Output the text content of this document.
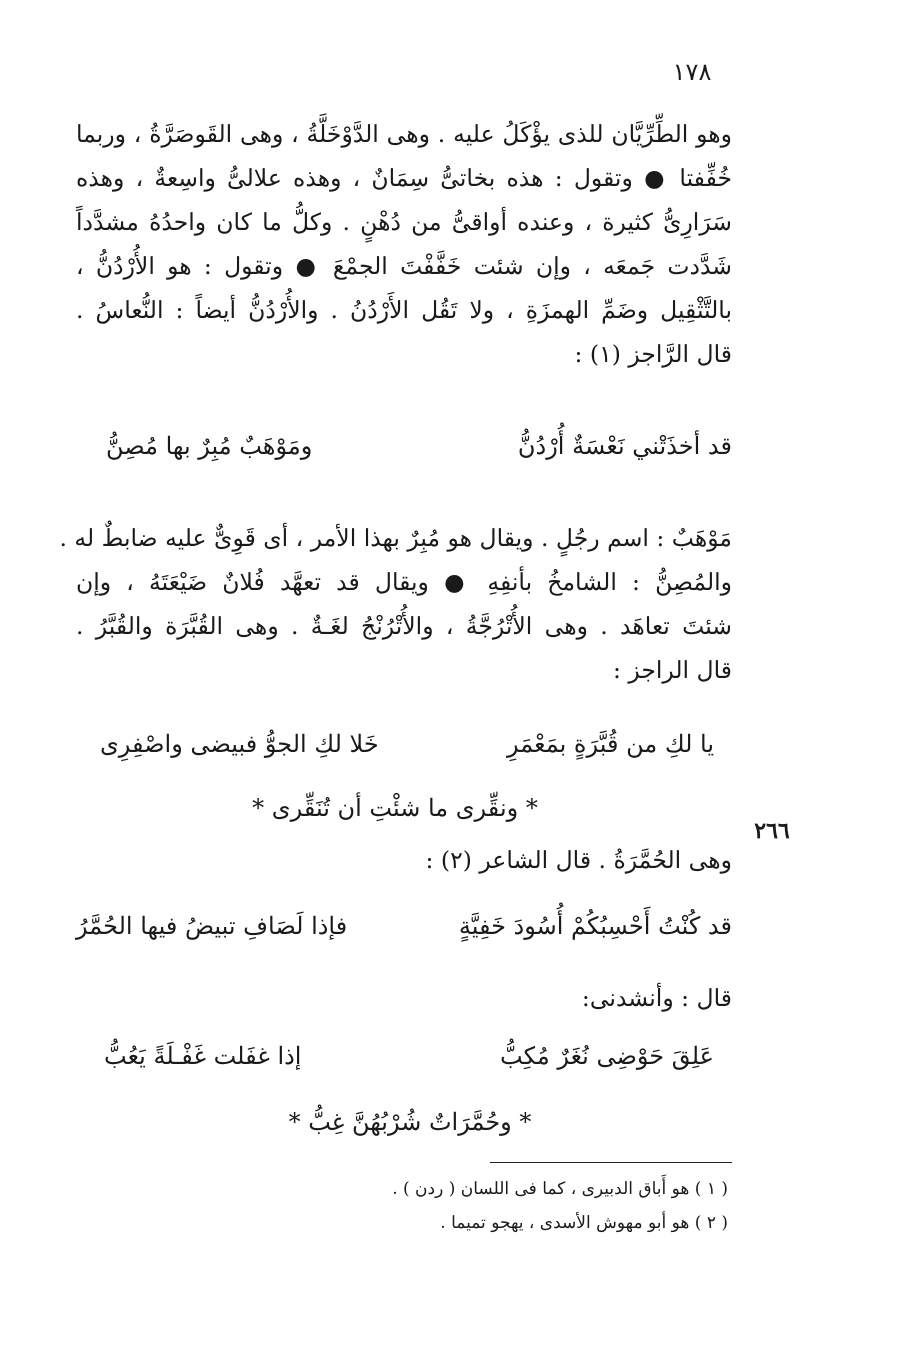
١٧٨
وهو الطِّرِّيَّان للذى يؤْكَلُ عليه . وهى الدَّوْخَلَّةُ ، وهى القَوصَرَّةُ ، وربما
خُفِّفتا ● وتقول : هذه بخاتىُّ سِمَانٌ ، وهذه علالىُّ واسِعةٌ ، وهذه
سَرَارِىُّ كثيرة ، وعنده أواقىُّ من دُهْنٍ . وكلُّ ما كان واحدُهُ مشدَّداً
شَدَّدت جَمعَه ، وإن شئت خَفَّفْتَ الجمْعَ ● وتقول : هو الأُرْدُنُّ ،
بالتَّثْقِيل وضَمِّ الهمزَةِ ، ولا تَقُل الأَرْدُنُ . والأُرْدُنُّ أيضاً : النُّعاسُ .
قال الرَّاجز (١) :
قد أخذَتْني نَعْسَةٌ أُرْدُنُّ
ومَوْهَبٌ مُبِرٌ بها مُصِنُّ
مَوْهَبٌ : اسم رجُلٍ . ويقال هو مُبِرٌ بهذا الأمر ، أى قَوِىٌّ عليه ضابطٌ له .
والمُصِنُّ : الشامخُ بأنفِهِ ● ويقال قد تعهَّد فُلانٌ ضَيْعَتَهُ ، وإن
شئتَ تعاهَد . وهى الأُتْرُجَّةُ ، والأُتْرُنْجُ لغَـةٌ . وهى القُبَّرَة والقُبَّرُ .
قال الراجز :
يا لكِ من قُبَّرَةٍ بمَعْمَرِ
خَلا لكِ الجوُّ فبيضى واصْفِرِى
* ونقِّرى ما شئْتِ أن تُنَقِّرى *
٢٦٦
وهى الحُمَّرَةُ . قال الشاعر (٢) :
قد كُنْتُ أَحْسِبُكُمْ أُسُودَ خَفِيَّةٍ
فإذا لَصَافِ تبيضُ فيها الحُمَّرُ
قال : وأنشدنى:
عَلِقَ حَوْضِى نُغَرٌ مُكِبُّ
إذا غفَلت غَفْـلَةً يَعُبُّ
* وحُمَّرَاتٌ شُرْبُهُنَّ غِبُّ *
( ١ ) هو أَباق الدبيرى ، كما فى اللسان ( ردن ) .
( ٢ ) هو أبو مهوش الأسدى ، يهجو تميما .
